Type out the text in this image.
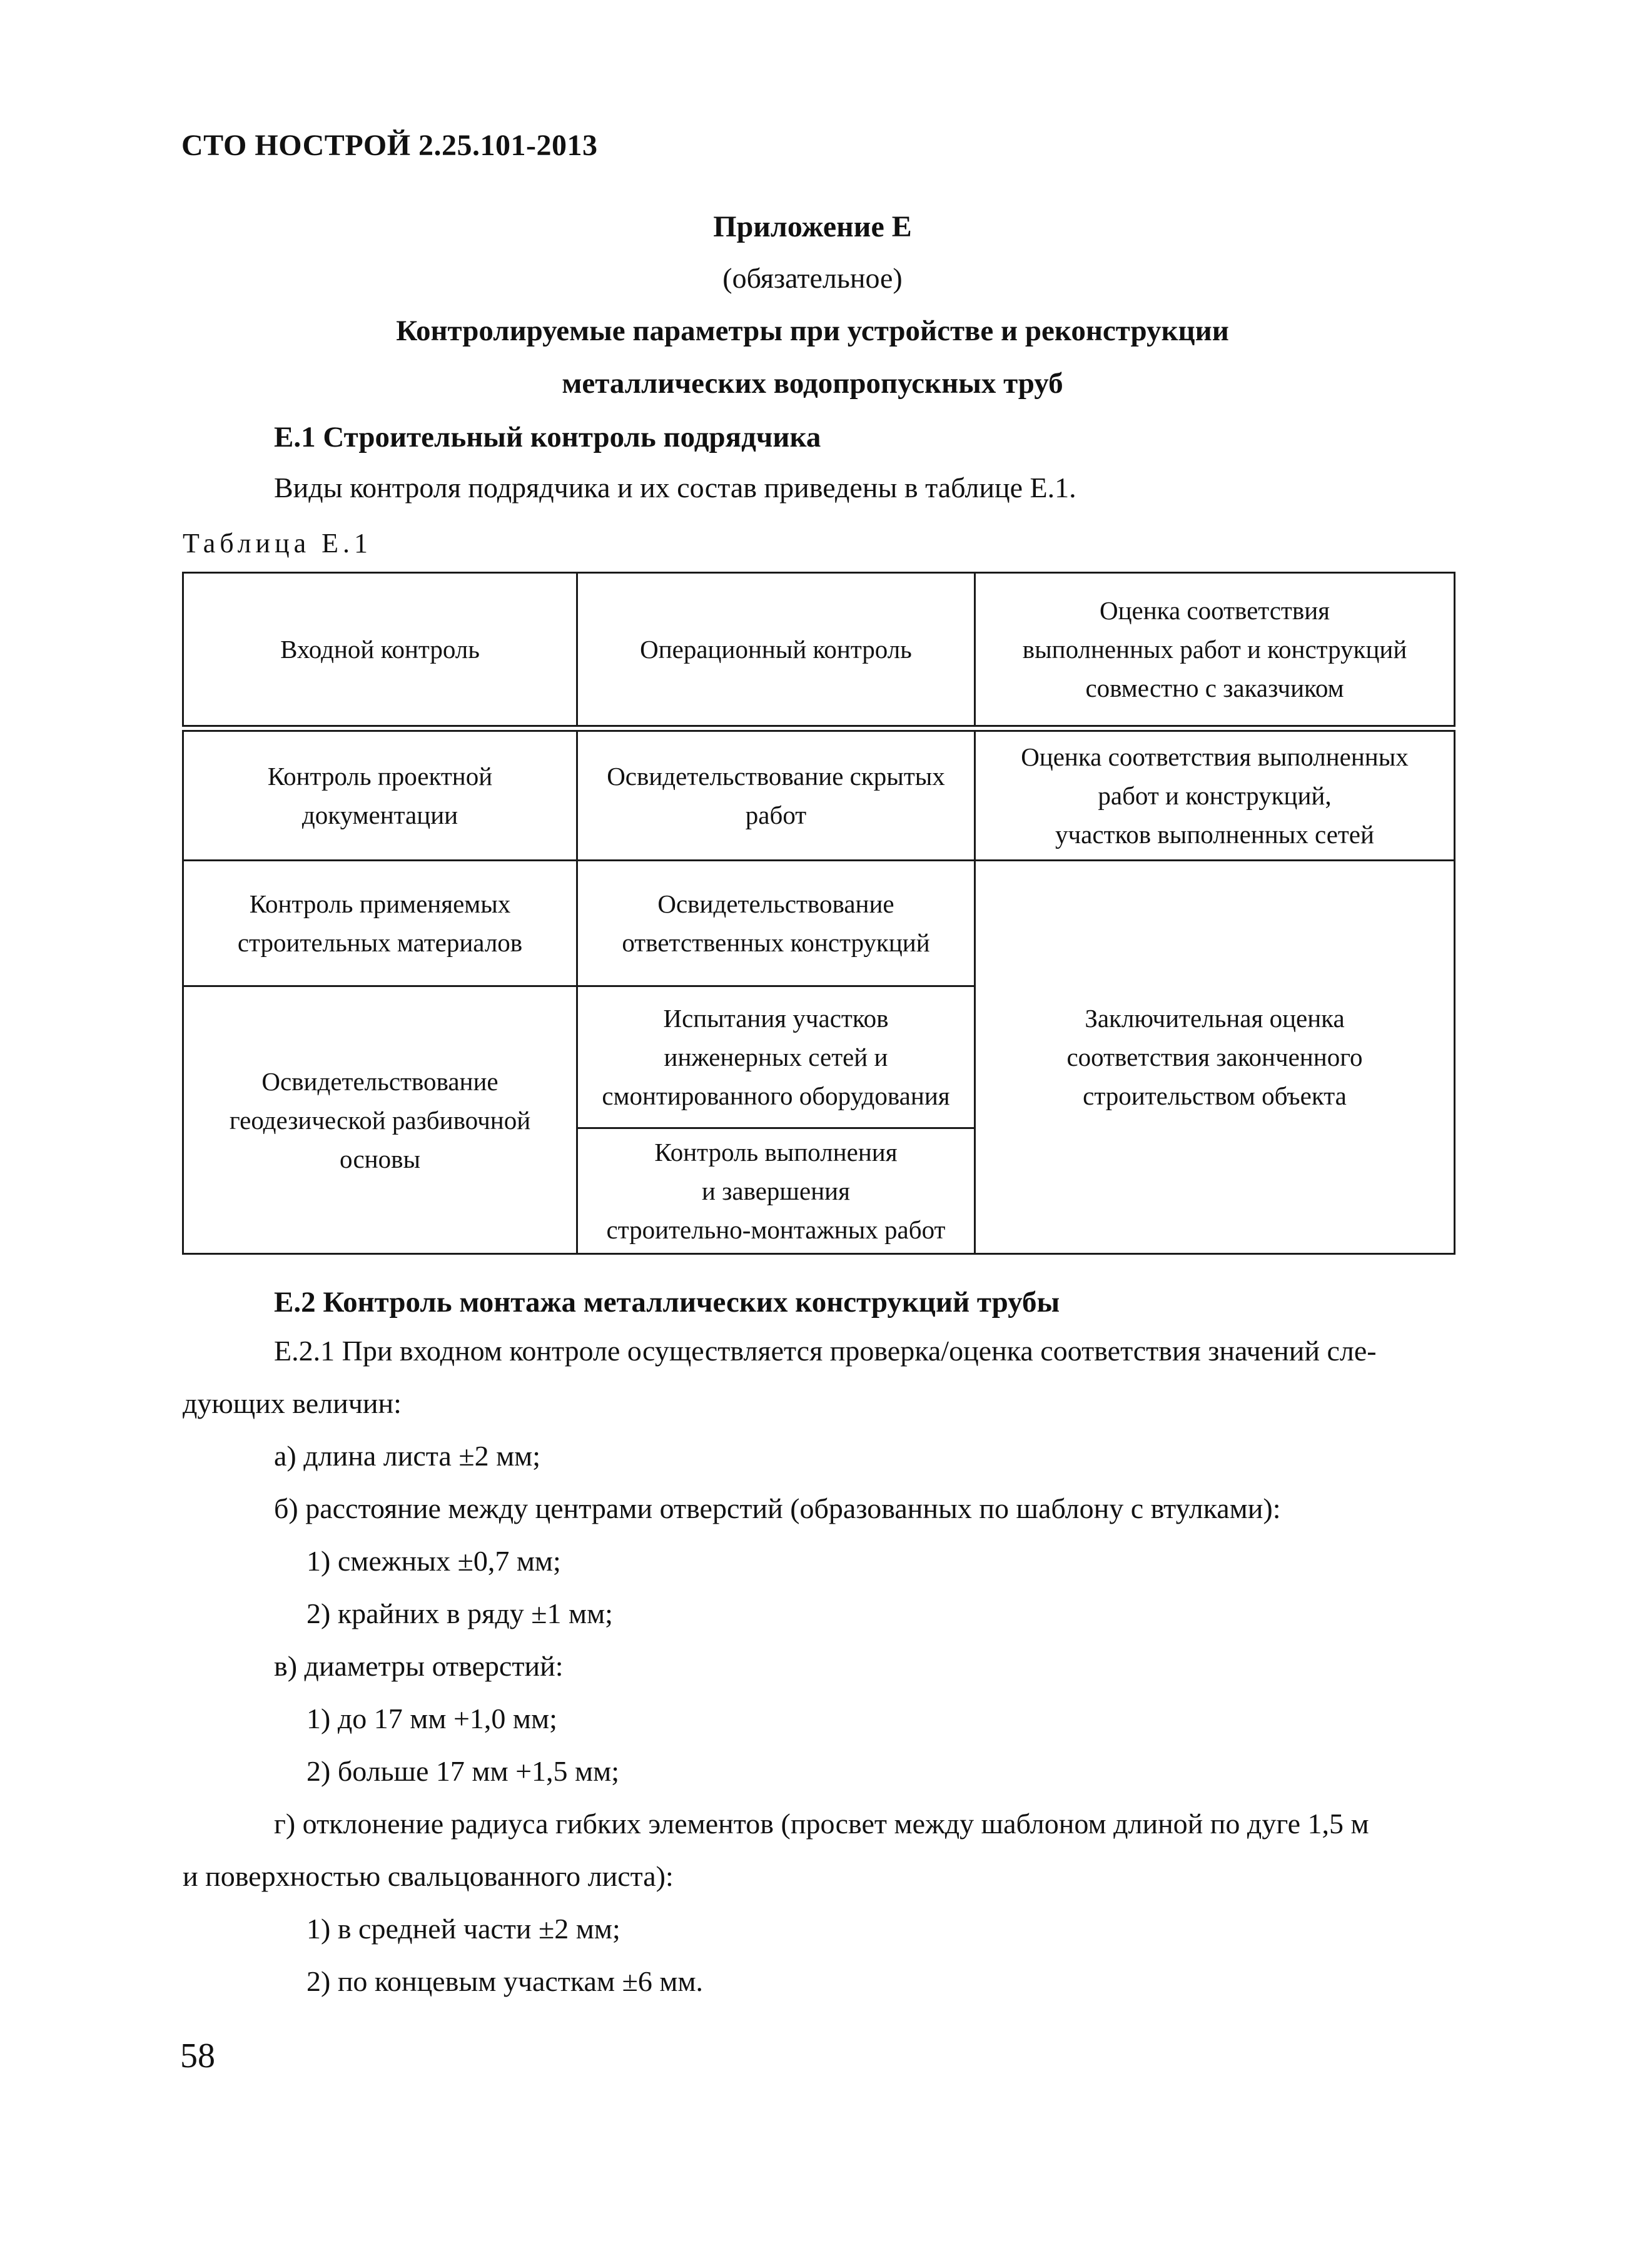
СТО НОСТРОЙ 2.25.101-2013
Приложение Е
(обязательное)
Контролируемые параметры при устройстве и реконструкции
металлических водопропускных труб
Е.1 Строительный контроль подрядчика
Виды контроля подрядчика и их состав приведены в таблице Е.1.
Таблица Е.1
Входной контроль	Операционный контроль
Оценка соответствия
выполненных работ и конструкций
совместно с заказчиком
Контроль проектной
документации
Контроль применяемых
строительных материалов
Освидетельствование
геодезической разбивочной
основы
Освидетельствование скрытых
работ
Освидетельствование
ответственных конструкций
Испытания участков
инженерных сетей и
смонтированного оборудования
Контроль выполнения
и завершения
строительно-монтажных работ
Оценка соответствия выполненных
работ и конструкций,
участков выполненных сетей
Заключительная оценка
соответствия законченного
строительством объекта
Е.2 Контроль монтажа металлических конструкций трубы
Е.2.1 При входном контроле осуществляется проверка/оценка соответствия значений сле-
дующих величин:
а) длина листа ±2 мм;
б) расстояние между центрами отверстий (образованных по шаблону с втулками):
1) смежных ±0,7 мм;
2) крайних в ряду ±1 мм;
в) диаметры отверстий:
1) до 17 мм +1,0 мм;
2) больше 17 мм +1,5 мм;
г) отклонение радиуса гибких элементов (просвет между шаблоном длиной по дуге 1,5 м
и поверхностью свальцованного листа):
1) в средней части ±2 мм;
2) по концевым участкам ±6 мм.
58
